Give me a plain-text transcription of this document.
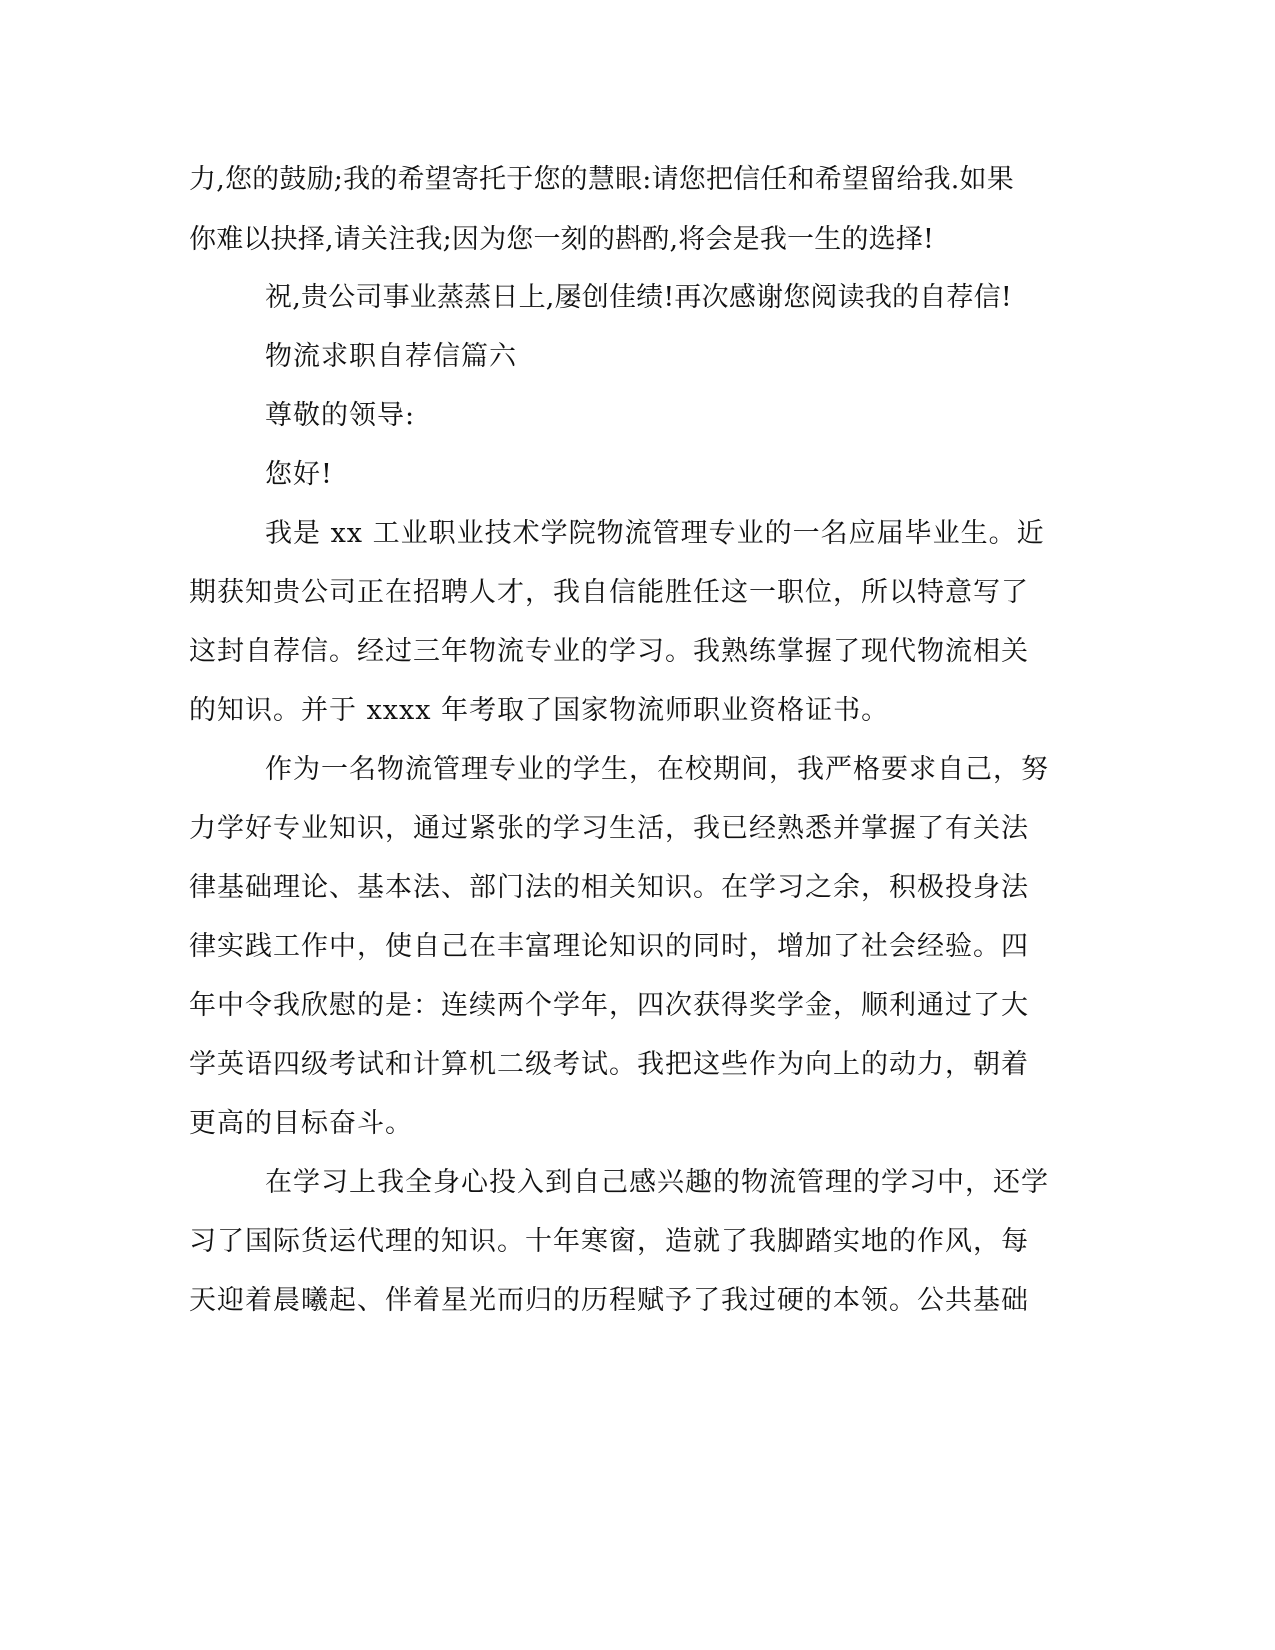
力,您的鼓励;我的希望寄托于您的慧眼:请您把信任和希望留给我.如果
你难以抉择,请关注我;因为您一刻的斟酌,将会是我一生的选择!
祝,贵公司事业蒸蒸日上,屡创佳绩!再次感谢您阅读我的自荐信!
物流求职自荐信篇六
尊敬的领导:
您好!
我是 xx 工业职业技术学院物流管理专业的一名应届毕业生。近
期获知贵公司正在招聘人才，我自信能胜任这一职位，所以特意写了
这封自荐信。经过三年物流专业的学习。我熟练掌握了现代物流相关
的知识。并于 xxxx 年考取了国家物流师职业资格证书。
作为一名物流管理专业的学生，在校期间，我严格要求自己，努
力学好专业知识，通过紧张的学习生活，我已经熟悉并掌握了有关法
律基础理论、基本法、部门法的相关知识。在学习之余，积极投身法
律实践工作中，使自己在丰富理论知识的同时，增加了社会经验。四
年中令我欣慰的是：连续两个学年，四次获得奖学金，顺利通过了大
学英语四级考试和计算机二级考试。我把这些作为向上的动力，朝着
更高的目标奋斗。
在学习上我全身心投入到自己感兴趣的物流管理的学习中，还学
习了国际货运代理的知识。十年寒窗，造就了我脚踏实地的作风，每
天迎着晨曦起、伴着星光而归的历程赋予了我过硬的本领。公共基础
